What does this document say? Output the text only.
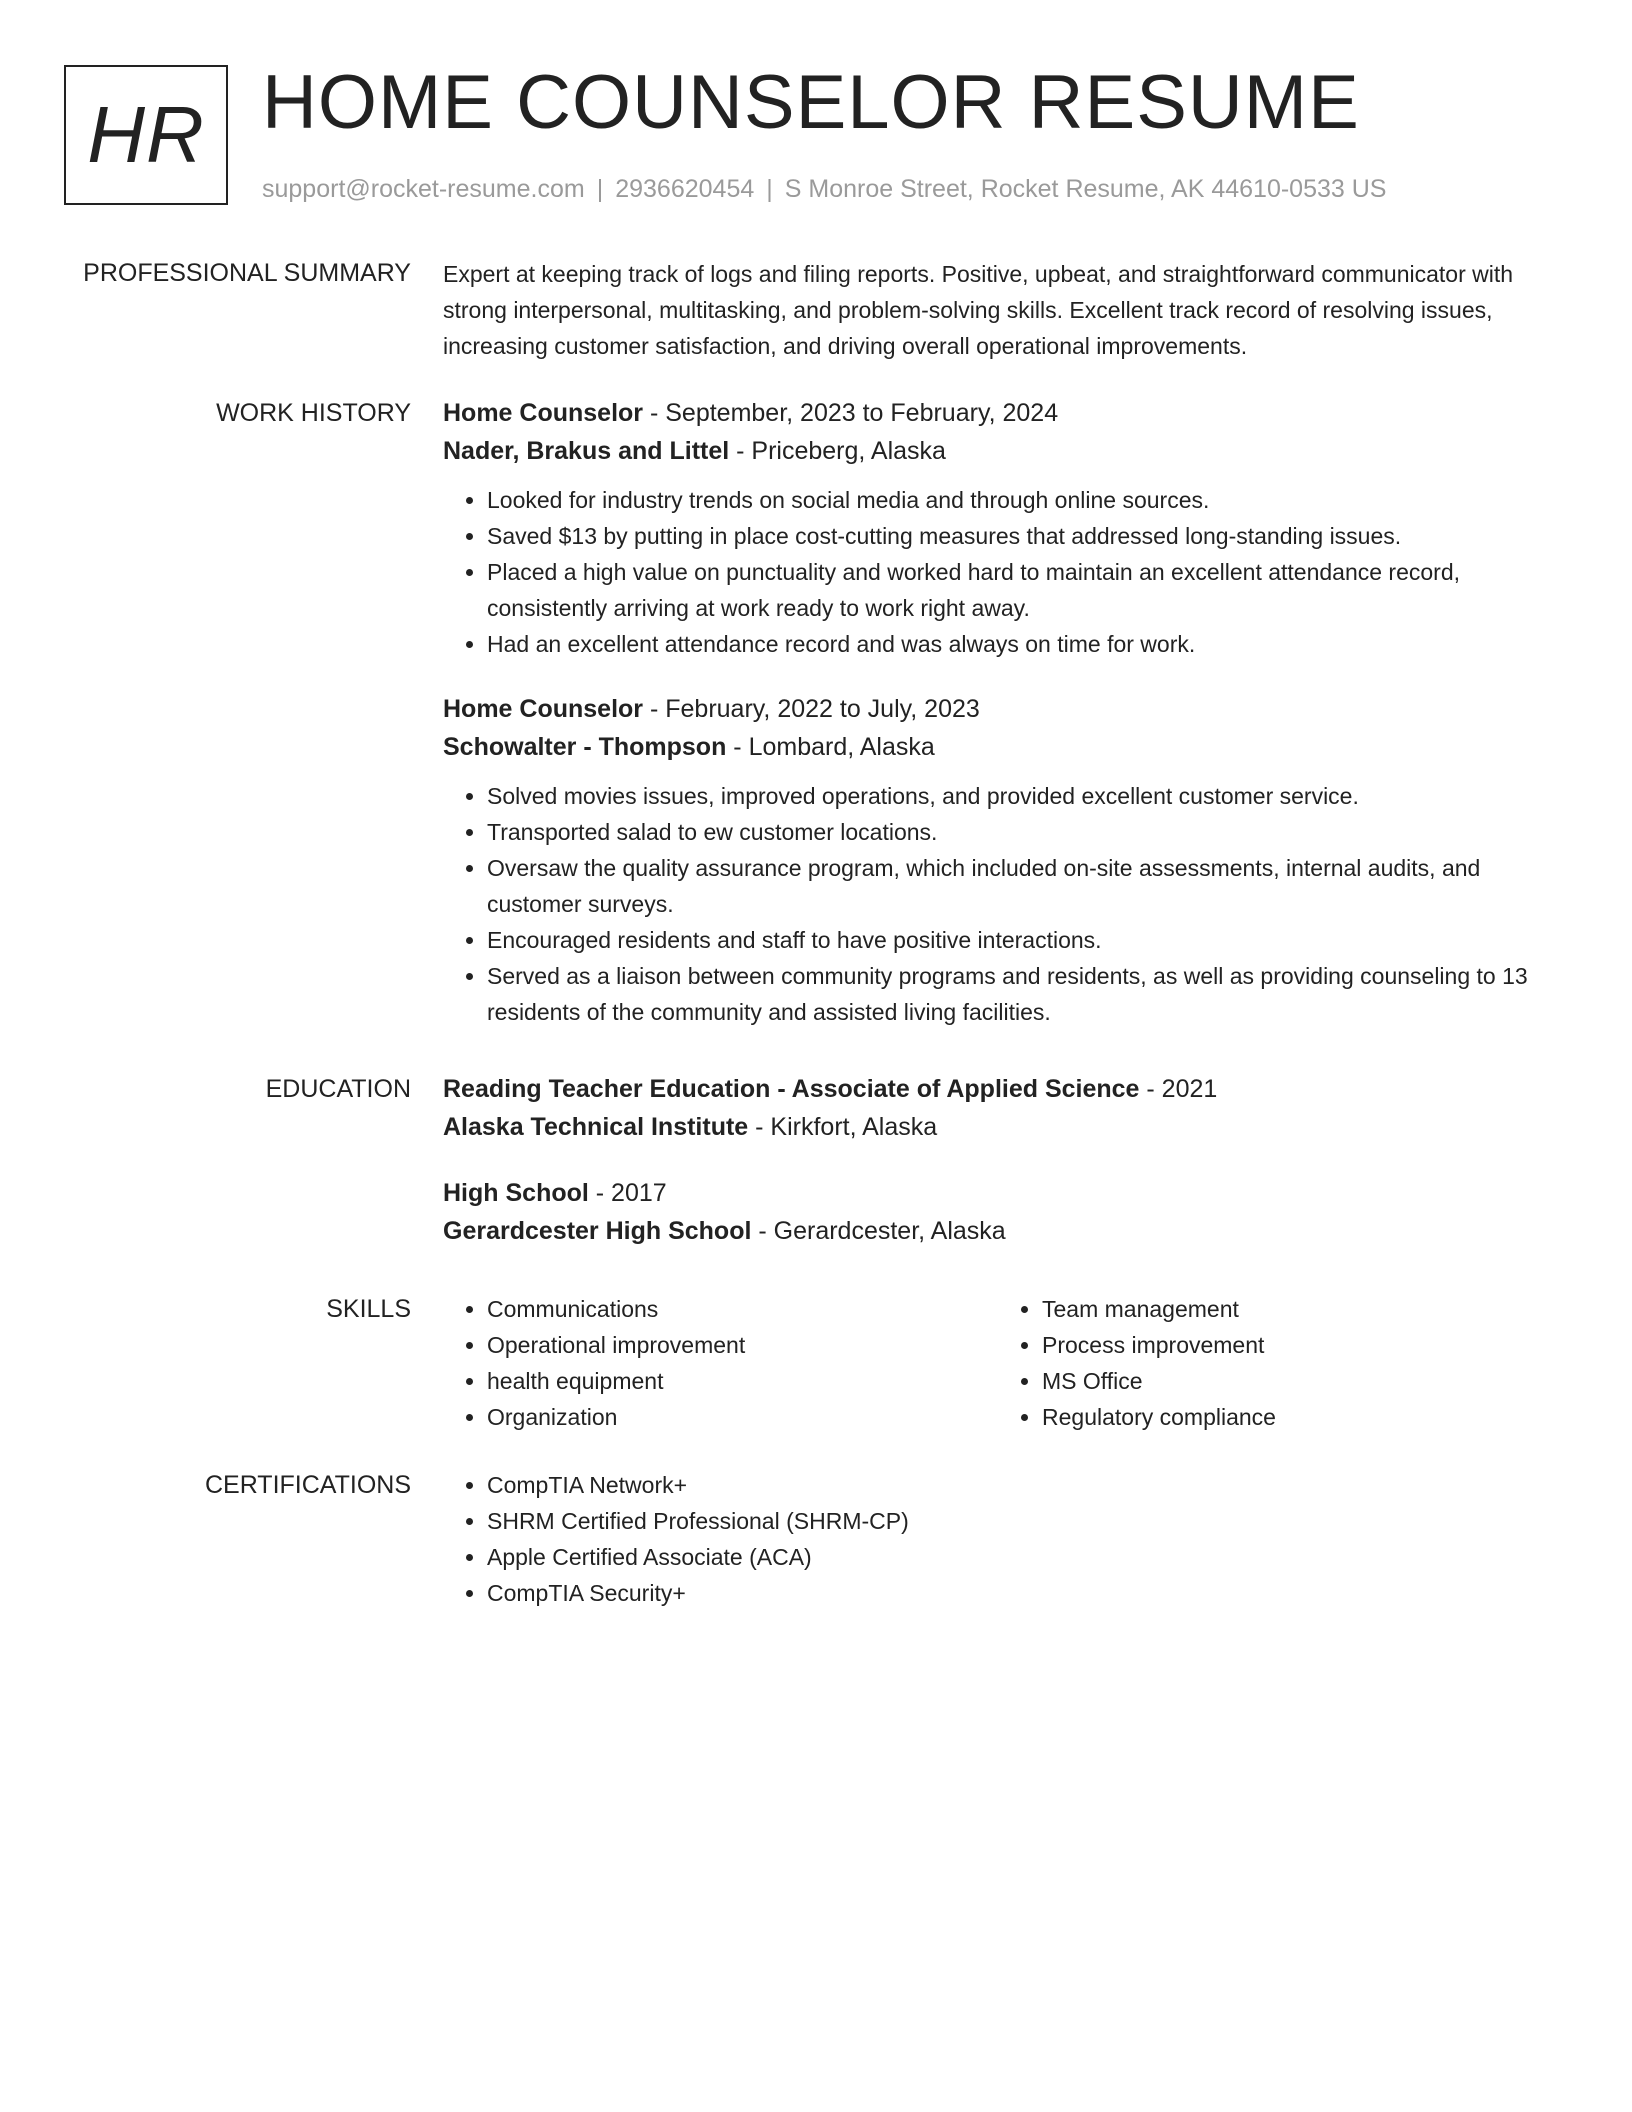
HR HOME COUNSELOR RESUME
support@rocket-resume.com | 2936620454 | S Monroe Street, Rocket Resume, AK 44610-0533 US
PROFESSIONAL SUMMARY Expert at keeping track of logs and filing reports. Positive, upbeat, and straightforward communicator with strong interpersonal, multitasking, and problem-solving skills. Excellent track record of resolving issues, increasing customer satisfaction, and driving overall operational improvements.

WORK HISTORY Home Counselor - September, 2023 to February, 2024
Nader, Brakus and Littel - Priceberg, Alaska
• Looked for industry trends on social media and through online sources.
• Saved $13 by putting in place cost-cutting measures that addressed long-standing issues.
• Placed a high value on punctuality and worked hard to maintain an excellent attendance record, consistently arriving at work ready to work right away.
• Had an excellent attendance record and was always on time for work.
Home Counselor - February, 2022 to July, 2023
Schowalter - Thompson - Lombard, Alaska
• Solved movies issues, improved operations, and provided excellent customer service.
• Transported salad to ew customer locations.
• Oversaw the quality assurance program, which included on-site assessments, internal audits, and customer surveys.
• Encouraged residents and staff to have positive interactions.
• Served as a liaison between community programs and residents, as well as providing counseling to 13 residents of the community and assisted living facilities.
EDUCATION Reading Teacher Education - Associate of Applied Science - 2021
Alaska Technical Institute - Kirkfort, Alaska
High School - 2017
Gerardcester High School - Gerardcester, Alaska
SKILLS	• Communications
• Operational improvement
• health equipment
• Organization
• Team management
• Process improvement
• MS Office
• Regulatory compliance
CERTIFICATIONS	• CompTIA Network+
• SHRM Certified Professional (SHRM-CP)
• Apple Certified Associate (ACA)
• CompTIA Security+
